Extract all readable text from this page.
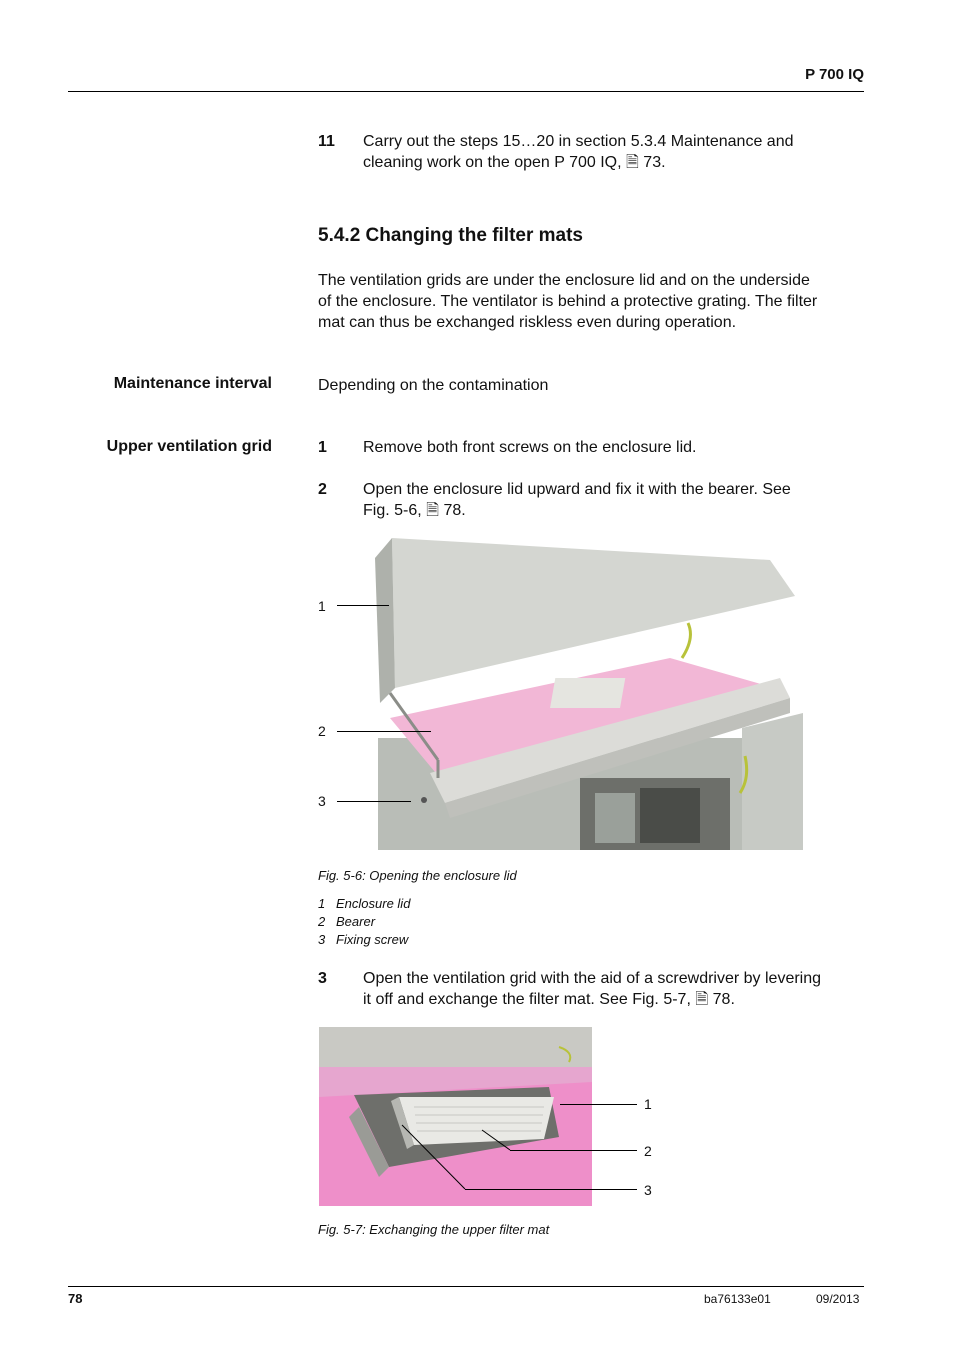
P 700 IQ
11 Carry out the steps 15…20 in section 5.3.4 Maintenance and
cleaning work on the open P 700 IQ, 🗎 73.
5.4.2 Changing the filter mats
The ventilation grids are under the enclosure lid and on the underside
of the enclosure. The ventilator is behind a protective grating. The filter
mat can thus be exchanged riskless even during operation.
Maintenance interval	Depending on the contamination
Upper ventilation grid	1 Remove both front screws on the enclosure lid.
2 Open the enclosure lid upward and fix it with the bearer. See
Fig. 5-6, 🗎 78.
1
2
3
Fig. 5-6: Opening the enclosure lid
1 Enclosure lid
2 Bearer
3 Fixing screw
3 Open the ventilation grid with the aid of a screwdriver by levering
it off and exchange the filter mat. See Fig. 5-7, 🗎 78.
1
2
3
Fig. 5-7: Exchanging the upper filter mat
78	ba76133e01	09/2013
